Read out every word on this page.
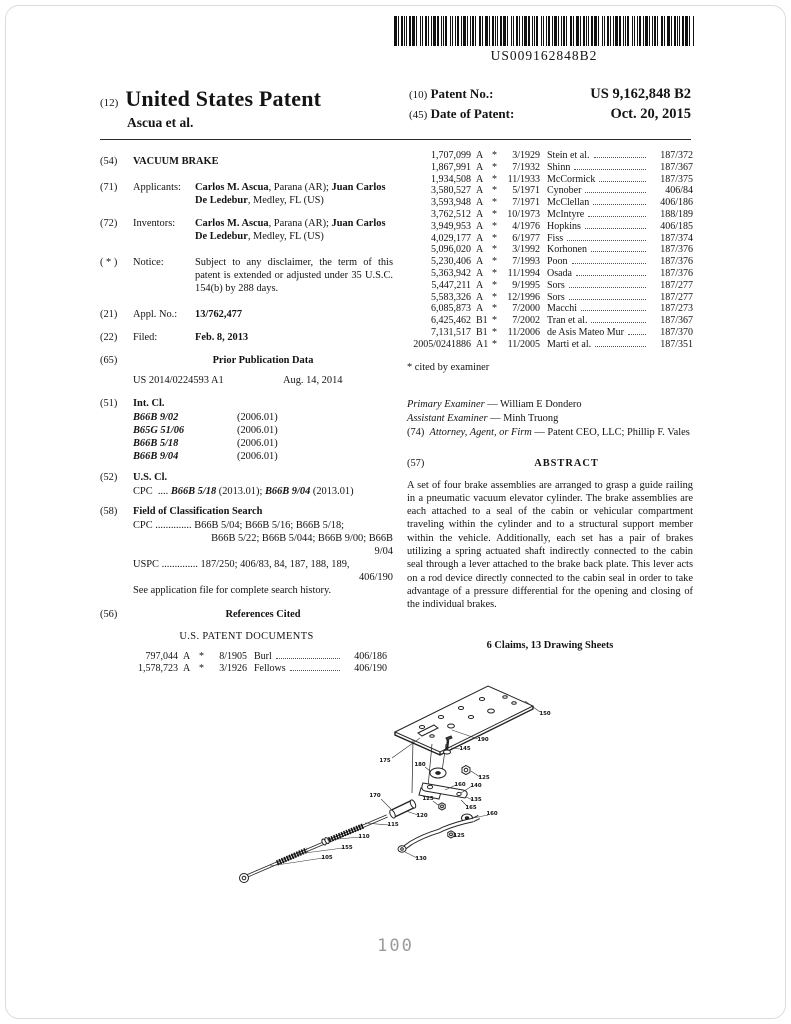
US009162848B2
(12) United States Patent
Ascua et al.
(10) Patent No.:	US 9,162,848 B2
(45) Date of Patent:	Oct. 20, 2015
(54)	VACUUM BRAKE
(71)	Applicants:	Carlos M. Ascua, Parana (AR); Juan Carlos De Ledebur, Medley, FL (US)
(72)	Inventors:	Carlos M. Ascua, Parana (AR); Juan Carlos De Ledebur, Medley, FL (US)
( * )	Notice:	Subject to any disclaimer, the term of this patent is extended or adjusted under 35 U.S.C. 154(b) by 288 days.
(21)	Appl. No.:	13/762,477
(22)	Filed:	Feb. 8, 2013
(65)	Prior Publication Data
US 2014/0224593 A1	Aug. 14, 2014
(51)	Int. Cl.
B66B 9/02	(2006.01)
B65G 51/06	(2006.01)
B66B 5/18	(2006.01)
B66B 9/04	(2006.01)
(52)	U.S. Cl.
CPC .... B66B 5/18 (2013.01); B66B 9/04 (2013.01)
(58)	Field of Classification Search
CPC .............. B66B 5/04; B66B 5/16; B66B 5/18;
B66B 5/22; B66B 5/044; B66B 9/00; B66B
9/04
USPC .............. 187/250; 406/83, 84, 187, 188, 189,
406/190
See application file for complete search history.
(56)	References Cited
U.S. PATENT DOCUMENTS
797,044 A *	8/1905 Burl	406/186
1,578,723 A *	3/1926 Fellows	406/190
1,707,099 A *	3/1929 Stein et al.	187/372
1,867,991 A *	7/1932 Shinn	187/367
1,934,508 A *	11/1933 McCormick	187/375
3,580,527 A *	5/1971 Cynober	406/84
3,593,948 A *	7/1971 McClellan	406/186
3,762,512 A *	10/1973 McIntyre	188/189
3,949,953 A *	4/1976 Hopkins	406/185
4,029,177 A *	6/1977 Fiss	187/374
5,096,020 A *	3/1992 Korhonen	187/376
5,230,406 A *	7/1993 Poon	187/376
5,363,942 A *	11/1994 Osada	187/376
5,447,211 A *	9/1995 Sors	187/277
5,583,326 A *	12/1996 Sors	187/277
6,085,873 A *	7/2000 Macchi	187/273
6,425,462 B1 *	7/2002 Tran et al.	187/367
7,131,517 B1 *	11/2006 de Asis Mateo Mur	187/370
2005/0241886 A1 *	11/2005 Marti et al.	187/351
* cited by examiner
Primary Examiner — William E Dondero
Assistant Examiner — Minh Truong
(74) Attorney, Agent, or Firm — Patent CEO, LLC; Phillip F. Vales
(57)	ABSTRACT
A set of four brake assemblies are arranged to grasp a guide railing in a pneumatic vacuum elevator cylinder. The brake assemblies are each attached to a seal of the cabin or vehicular compartment traveling within the cylinder and to a structural support member within the vehicle. Additionally, each set has a pair of brakes utilizing a spring actuated shaft indirectly connected to the cabin seal through a lever attached to the brake back plate. This lever acts on a rod device directly connected to the cabin seal in order to take advantage of a pressure differential for the opening and closing of the individual brakes.
6 Claims, 13 Drawing Sheets
150
175
190
145
180
125
160 140
135
165
125
170
120
115
110
155
105
160
125
130
100
